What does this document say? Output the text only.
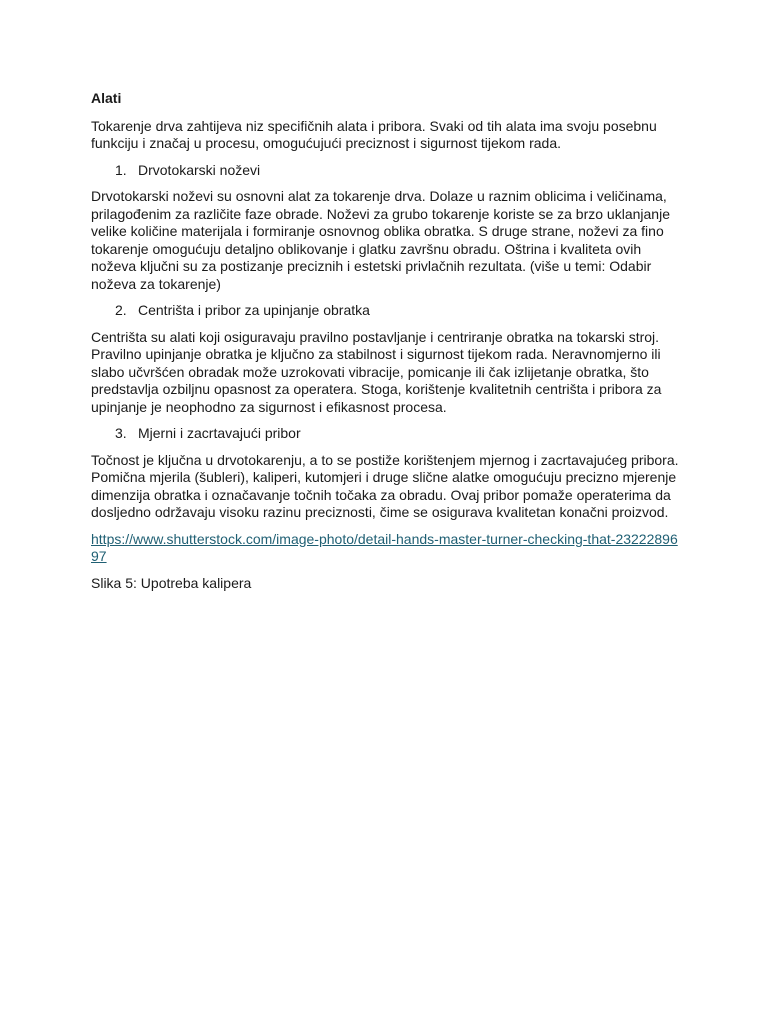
Alati

Tokarenje drva zahtijeva niz specifičnih alata i pribora. Svaki od tih alata ima svoju posebnu funkciju i značaj u procesu, omogućujući preciznost i sigurnost tijekom rada.

1. Drvotokarski noževi

Drvotokarski noževi su osnovni alat za tokarenje drva. Dolaze u raznim oblicima i veličinama, prilagođenim za različite faze obrade. Noževi za grubo tokarenje koriste se za brzo uklanjanje velike količine materijala i formiranje osnovnog oblika obratka. S druge strane, noževi za fino tokarenje omogućuju detaljno oblikovanje i glatku završnu obradu. Oštrina i kvaliteta ovih noževa ključni su za postizanje preciznih i estetski privlačnih rezultata. (više u temi: Odabir noževa za tokarenje)

2. Centrišta i pribor za upinjanje obratka

Centrišta su alati koji osiguravaju pravilno postavljanje i centriranje obratka na tokarski stroj. Pravilno upinjanje obratka je ključno za stabilnost i sigurnost tijekom rada. Neravnomjerno ili slabo učvršćen obradak može uzrokovati vibracije, pomicanje ili čak izlijetanje obratka, što predstavlja ozbiljnu opasnost za operatera. Stoga, korištenje kvalitetnih centrišta i pribora za upinjanje je neophodno za sigurnost i efikasnost procesa.

3. Mjerni i zacrtavajući pribor

Točnost je ključna u drvotokarenju, a to se postiže korištenjem mjernog i zacrtavajućeg pribora. Pomična mjerila (šubleri), kaliperi, kutomjeri i druge slične alatke omogućuju precizno mjerenje dimenzija obratka i označavanje točnih točaka za obradu. Ovaj pribor pomaže operaterima da dosljedno održavaju visoku razinu preciznosti, čime se osigurava kvalitetan konačni proizvod.

https://www.shutterstock.com/image-photo/detail-hands-master-turner-checking-that-2322289697

Slika 5: Upotreba kalipera
